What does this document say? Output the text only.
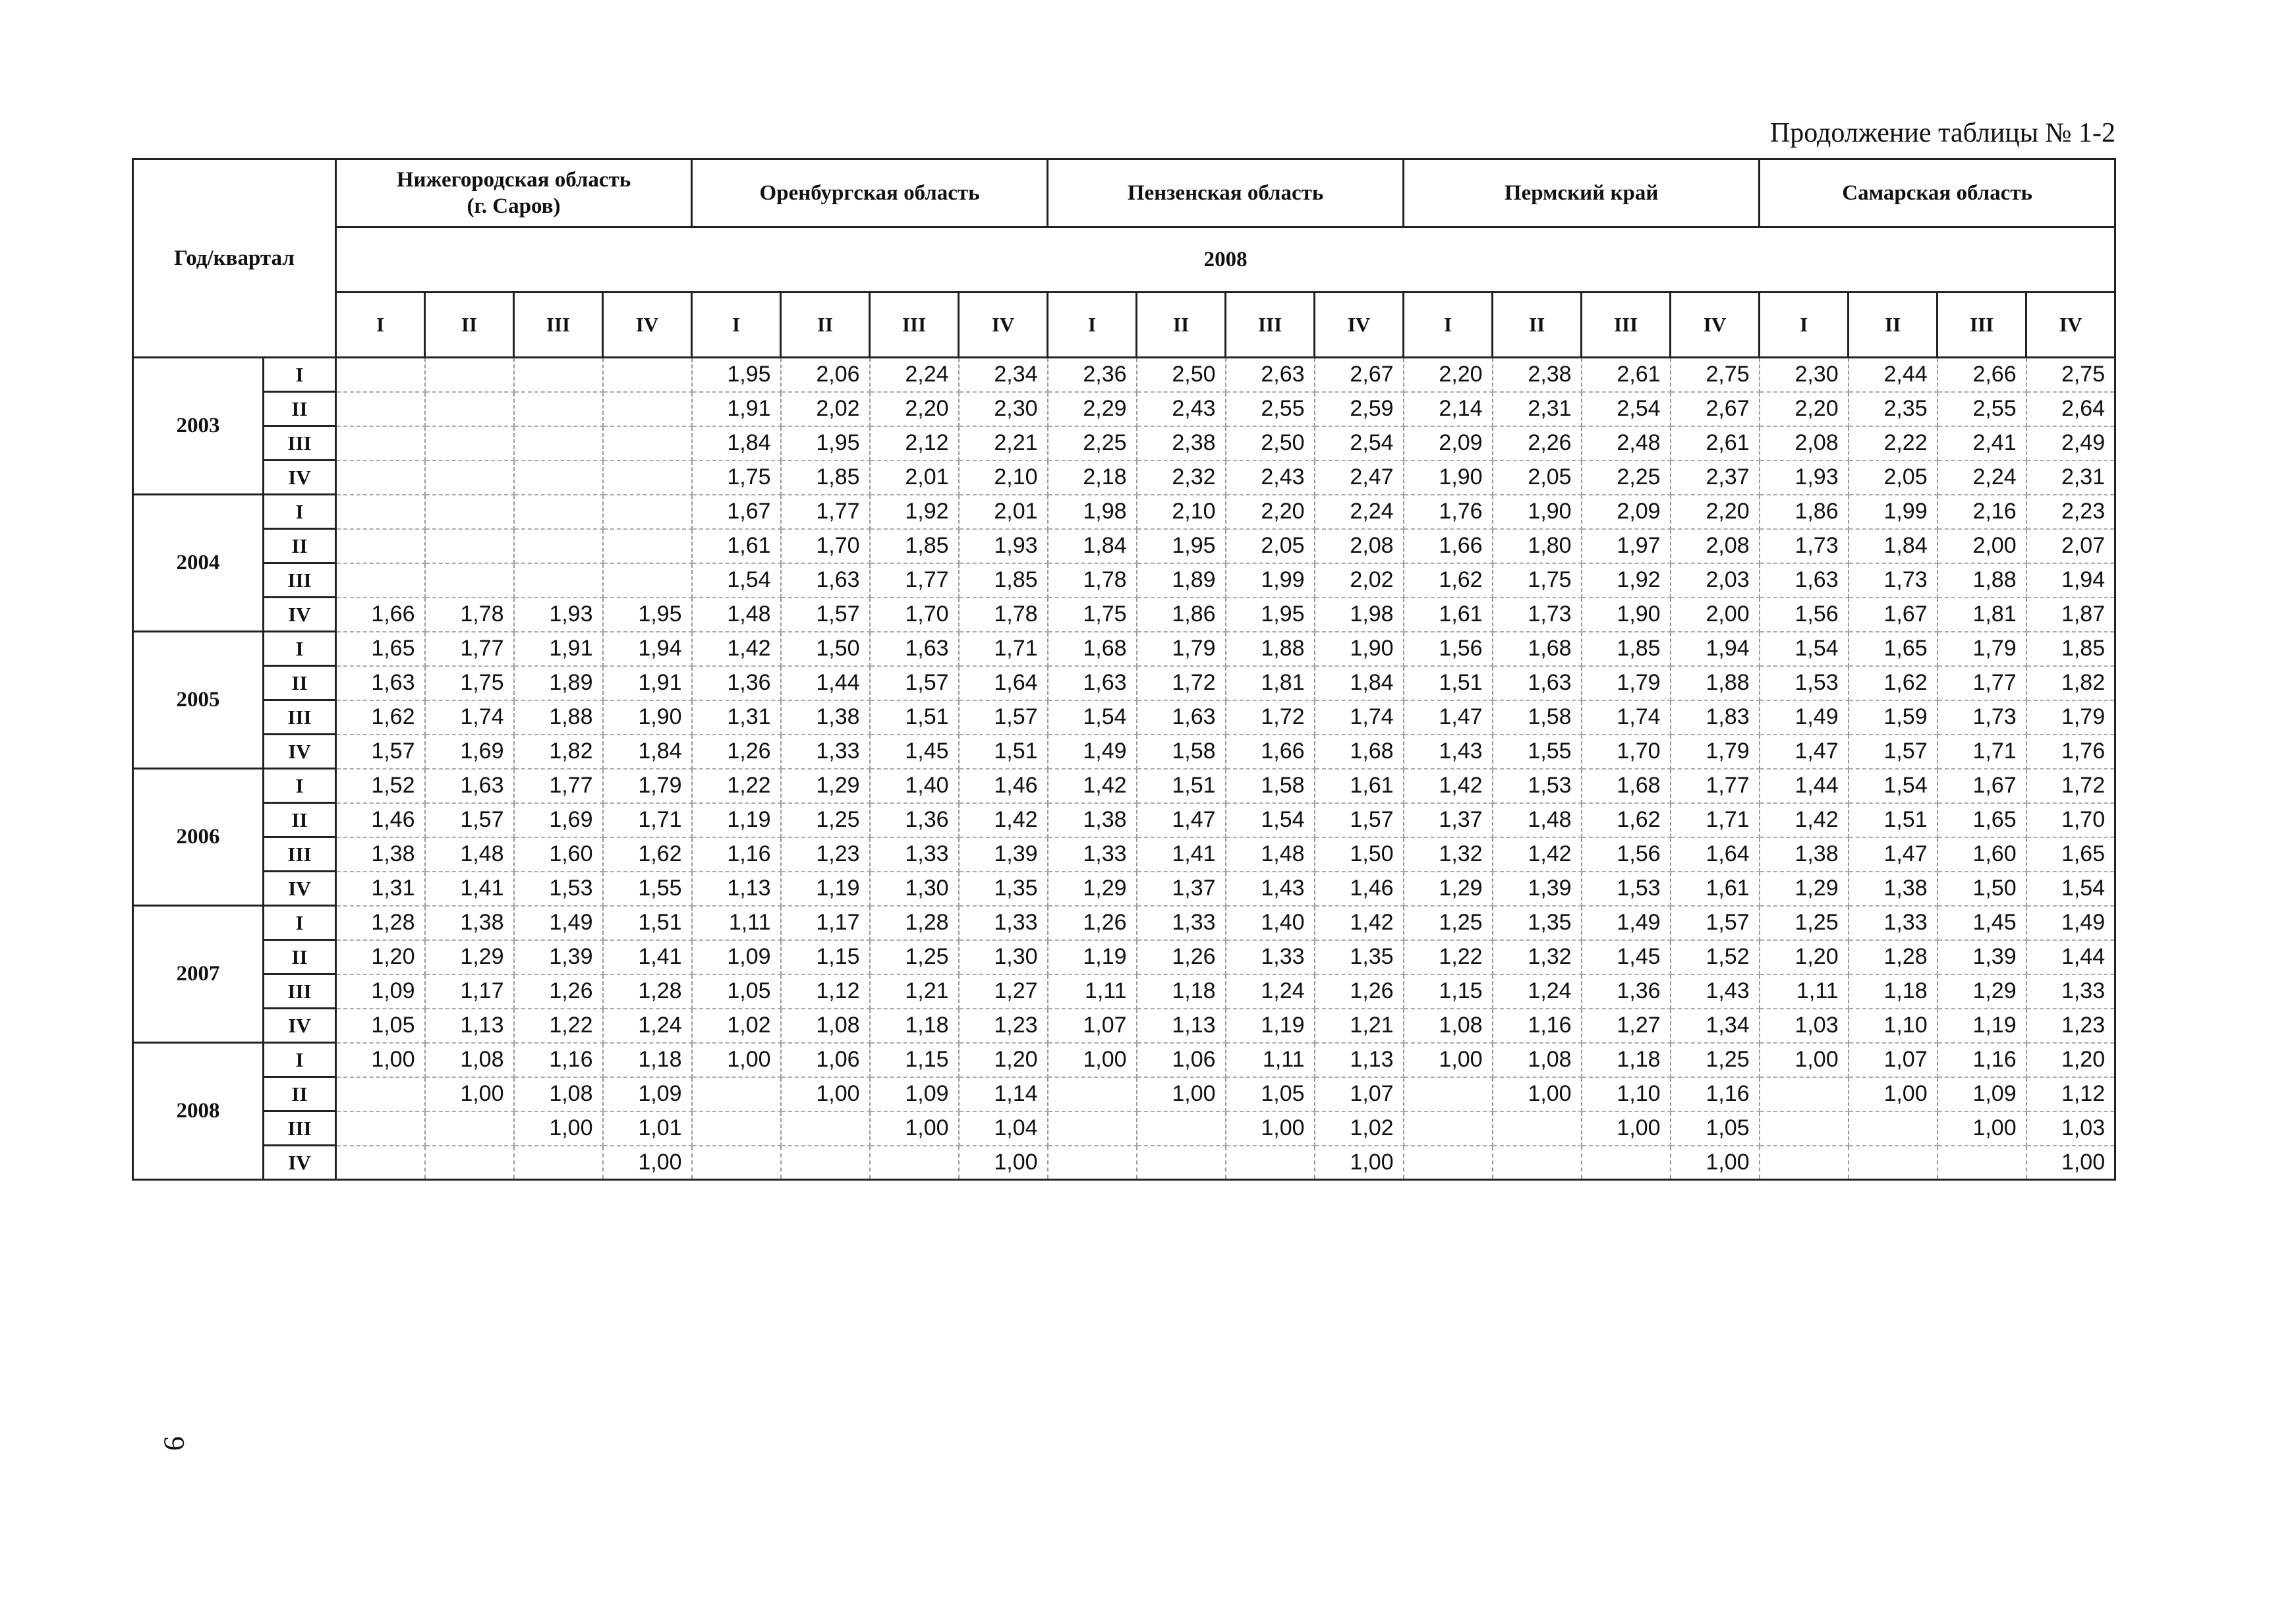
Продолжение таблицы № 1-2
Год/квартал		Нижегородская область
(г. Саров)				Оренбургская область				Пензенская область				Пермский край				Самарская область			
		2008																			
		I	II	III	IV	I	II	III	IV	I	II	III	IV	I	II	III	IV	I	II	III	IV
2003	I					1,95	2,06	2,24	2,34	2,36	2,50	2,63	2,67	2,20	2,38	2,61	2,75	2,30	2,44	2,66	2,75
	II					1,91	2,02	2,20	2,30	2,29	2,43	2,55	2,59	2,14	2,31	2,54	2,67	2,20	2,35	2,55	2,64
	III					1,84	1,95	2,12	2,21	2,25	2,38	2,50	2,54	2,09	2,26	2,48	2,61	2,08	2,22	2,41	2,49
	IV					1,75	1,85	2,01	2,10	2,18	2,32	2,43	2,47	1,90	2,05	2,25	2,37	1,93	2,05	2,24	2,31
2004	I					1,67	1,77	1,92	2,01	1,98	2,10	2,20	2,24	1,76	1,90	2,09	2,20	1,86	1,99	2,16	2,23
	II					1,61	1,70	1,85	1,93	1,84	1,95	2,05	2,08	1,66	1,80	1,97	2,08	1,73	1,84	2,00	2,07
	III					1,54	1,63	1,77	1,85	1,78	1,89	1,99	2,02	1,62	1,75	1,92	2,03	1,63	1,73	1,88	1,94
	IV	1,66	1,78	1,93	1,95	1,48	1,57	1,70	1,78	1,75	1,86	1,95	1,98	1,61	1,73	1,90	2,00	1,56	1,67	1,81	1,87
2005	I	1,65	1,77	1,91	1,94	1,42	1,50	1,63	1,71	1,68	1,79	1,88	1,90	1,56	1,68	1,85	1,94	1,54	1,65	1,79	1,85
	II	1,63	1,75	1,89	1,91	1,36	1,44	1,57	1,64	1,63	1,72	1,81	1,84	1,51	1,63	1,79	1,88	1,53	1,62	1,77	1,82
	III	1,62	1,74	1,88	1,90	1,31	1,38	1,51	1,57	1,54	1,63	1,72	1,74	1,47	1,58	1,74	1,83	1,49	1,59	1,73	1,79
	IV	1,57	1,69	1,82	1,84	1,26	1,33	1,45	1,51	1,49	1,58	1,66	1,68	1,43	1,55	1,70	1,79	1,47	1,57	1,71	1,76
2006	I	1,52	1,63	1,77	1,79	1,22	1,29	1,40	1,46	1,42	1,51	1,58	1,61	1,42	1,53	1,68	1,77	1,44	1,54	1,67	1,72
	II	1,46	1,57	1,69	1,71	1,19	1,25	1,36	1,42	1,38	1,47	1,54	1,57	1,37	1,48	1,62	1,71	1,42	1,51	1,65	1,70
	III	1,38	1,48	1,60	1,62	1,16	1,23	1,33	1,39	1,33	1,41	1,48	1,50	1,32	1,42	1,56	1,64	1,38	1,47	1,60	1,65
	IV	1,31	1,41	1,53	1,55	1,13	1,19	1,30	1,35	1,29	1,37	1,43	1,46	1,29	1,39	1,53	1,61	1,29	1,38	1,50	1,54
2007	I	1,28	1,38	1,49	1,51	1,11	1,17	1,28	1,33	1,26	1,33	1,40	1,42	1,25	1,35	1,49	1,57	1,25	1,33	1,45	1,49
	II	1,20	1,29	1,39	1,41	1,09	1,15	1,25	1,30	1,19	1,26	1,33	1,35	1,22	1,32	1,45	1,52	1,20	1,28	1,39	1,44
	III	1,09	1,17	1,26	1,28	1,05	1,12	1,21	1,27	1,11	1,18	1,24	1,26	1,15	1,24	1,36	1,43	1,11	1,18	1,29	1,33
	IV	1,05	1,13	1,22	1,24	1,02	1,08	1,18	1,23	1,07	1,13	1,19	1,21	1,08	1,16	1,27	1,34	1,03	1,10	1,19	1,23
2008	I	1,00	1,08	1,16	1,18	1,00	1,06	1,15	1,20	1,00	1,06	1,11	1,13	1,00	1,08	1,18	1,25	1,00	1,07	1,16	1,20
	II		1,00	1,08	1,09		1,00	1,09	1,14		1,00	1,05	1,07		1,00	1,10	1,16		1,00	1,09	1,12
	III			1,00	1,01			1,00	1,04			1,00	1,02			1,00	1,05			1,00	1,03
	IV				1,00				1,00				1,00				1,00				1,00
9
